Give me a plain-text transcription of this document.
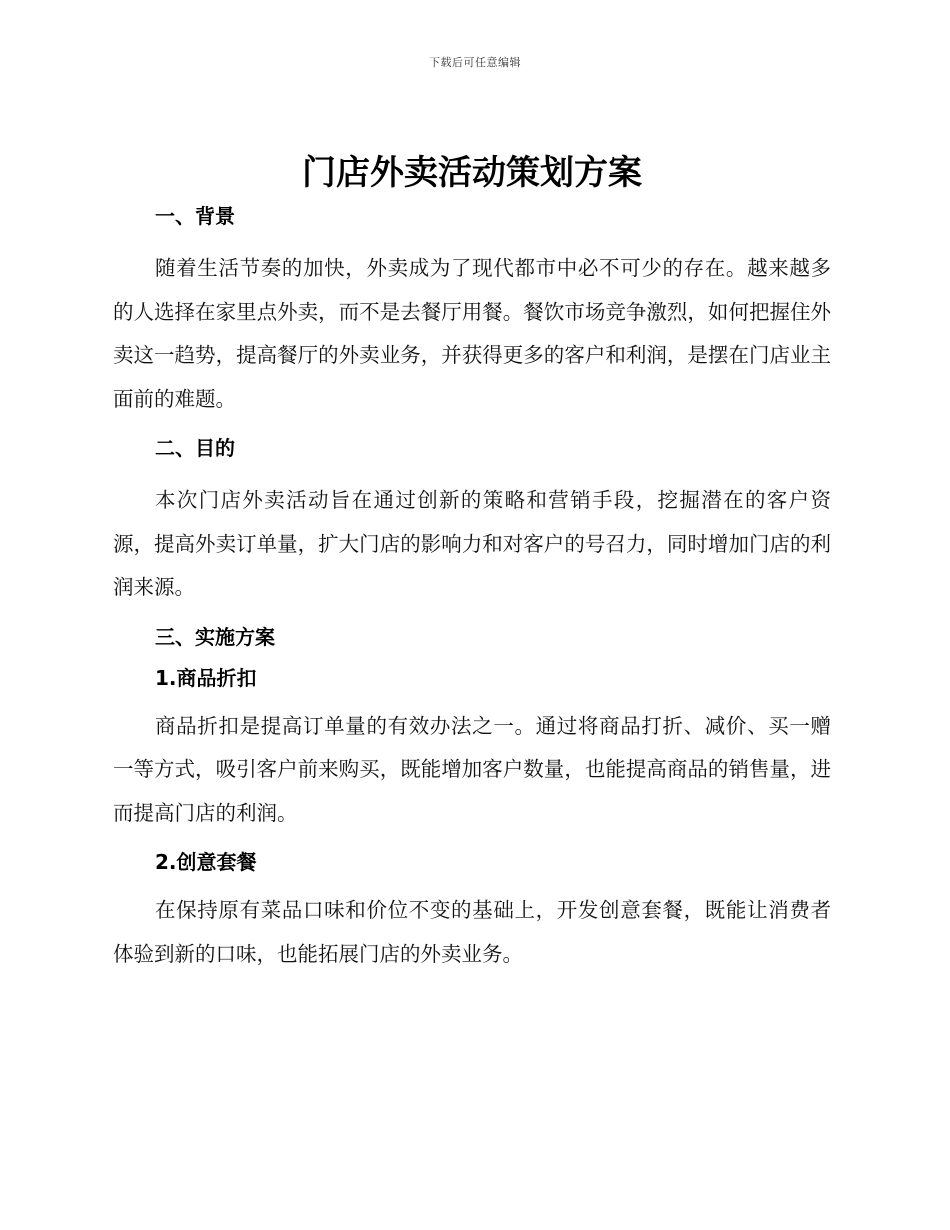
下载后可任意编辑
门店外卖活动策划方案
一、背景

随着生活节奏的加快，外卖成为了现代都市中必不可少的存在。越来越多的人选择在家里点外卖，而不是去餐厅用餐。餐饮市场竞争激烈，如何把握住外卖这一趋势，提高餐厅的外卖业务，并获得更多的客户和利润，是摆在门店业主面前的难题。

二、目的

本次门店外卖活动旨在通过创新的策略和营销手段，挖掘潜在的客户资源，提高外卖订单量，扩大门店的影响力和对客户的号召力，同时增加门店的利润来源。

三、实施方案
1.商品折扣

商品折扣是提高订单量的有效办法之一。通过将商品打折、减价、买一赠一等方式，吸引客户前来购买，既能增加客户数量，也能提高商品的销售量，进而提高门店的利润。

2.创意套餐

在保持原有菜品口味和价位不变的基础上，开发创意套餐，既能让消费者体验到新的口味，也能拓展门店的外卖业务。
